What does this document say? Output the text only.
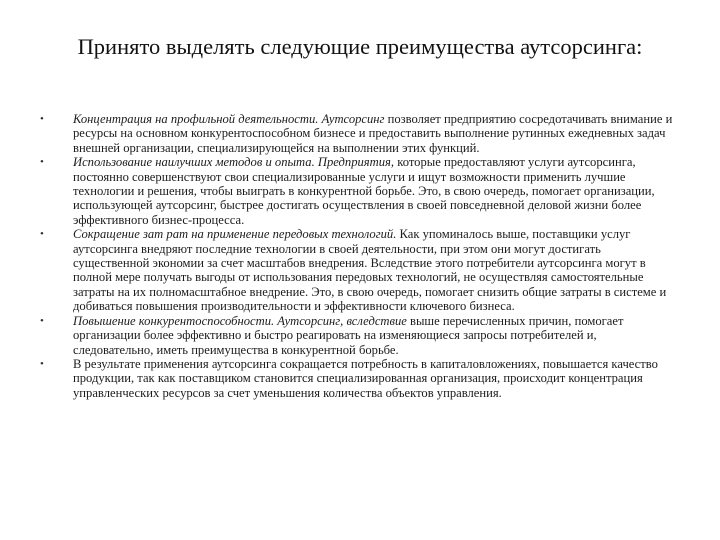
Принято выделять следующие преимущества аутсорсинга:
•	Концентрация на профильной деятельности. Аутсорсинг позволяет предприятию сосредотачивать внимание и ресурсы на основном конкурентоспособном бизнесе и предоставить выполнение рутинных ежедневных задач внешней организации, специализирующейся на выполнении этих функций.
•	Использование наилучших методов и опыта. Предприятия, которые предоставляют услуги аутсорсинга, постоянно совершенствуют свои специализированные услуги и ищут возможности применить лучшие технологии и решения, чтобы выиграть в конкурентной борьбе. Это, в свою очередь, помогает организации, использующей аутсорсинг, быстрее достигать осуществления в своей повседневной деловой жизни более эффективного бизнес-процесса.
•	Сокращение зат рат на применение передовых технологий. Как упоминалось выше, поставщики услуг аутсорсинга внедряют последние технологии в своей деятельности, при этом они могут достигать существенной экономии за счет масштабов внедрения. Вследствие этого потребители аутсорсинга могут в полной мере получать выгоды от использования передовых технологий, не осуществляя самостоятельные затраты на их полномасштабное внедрение. Это, в свою очередь, помогает снизить общие затраты в системе и добиваться повышения производительности и эффективности ключевого бизнеса.
•	Повышение конкурентоспособности. Аутсорсинг, вследствие выше перечисленных причин, помогает организации более эффективно и быстро реагировать на изменяющиеся запросы потребителей и, следовательно, иметь преимущества в конкурентной борьбе.
•	В результате применения аутсорсинга сокращается потребность в капиталовложениях, повышается качество продукции, так как поставщиком становится специализированная организация, происходит концентрация управленческих ресурсов за счет уменьшения количества объектов управления.
